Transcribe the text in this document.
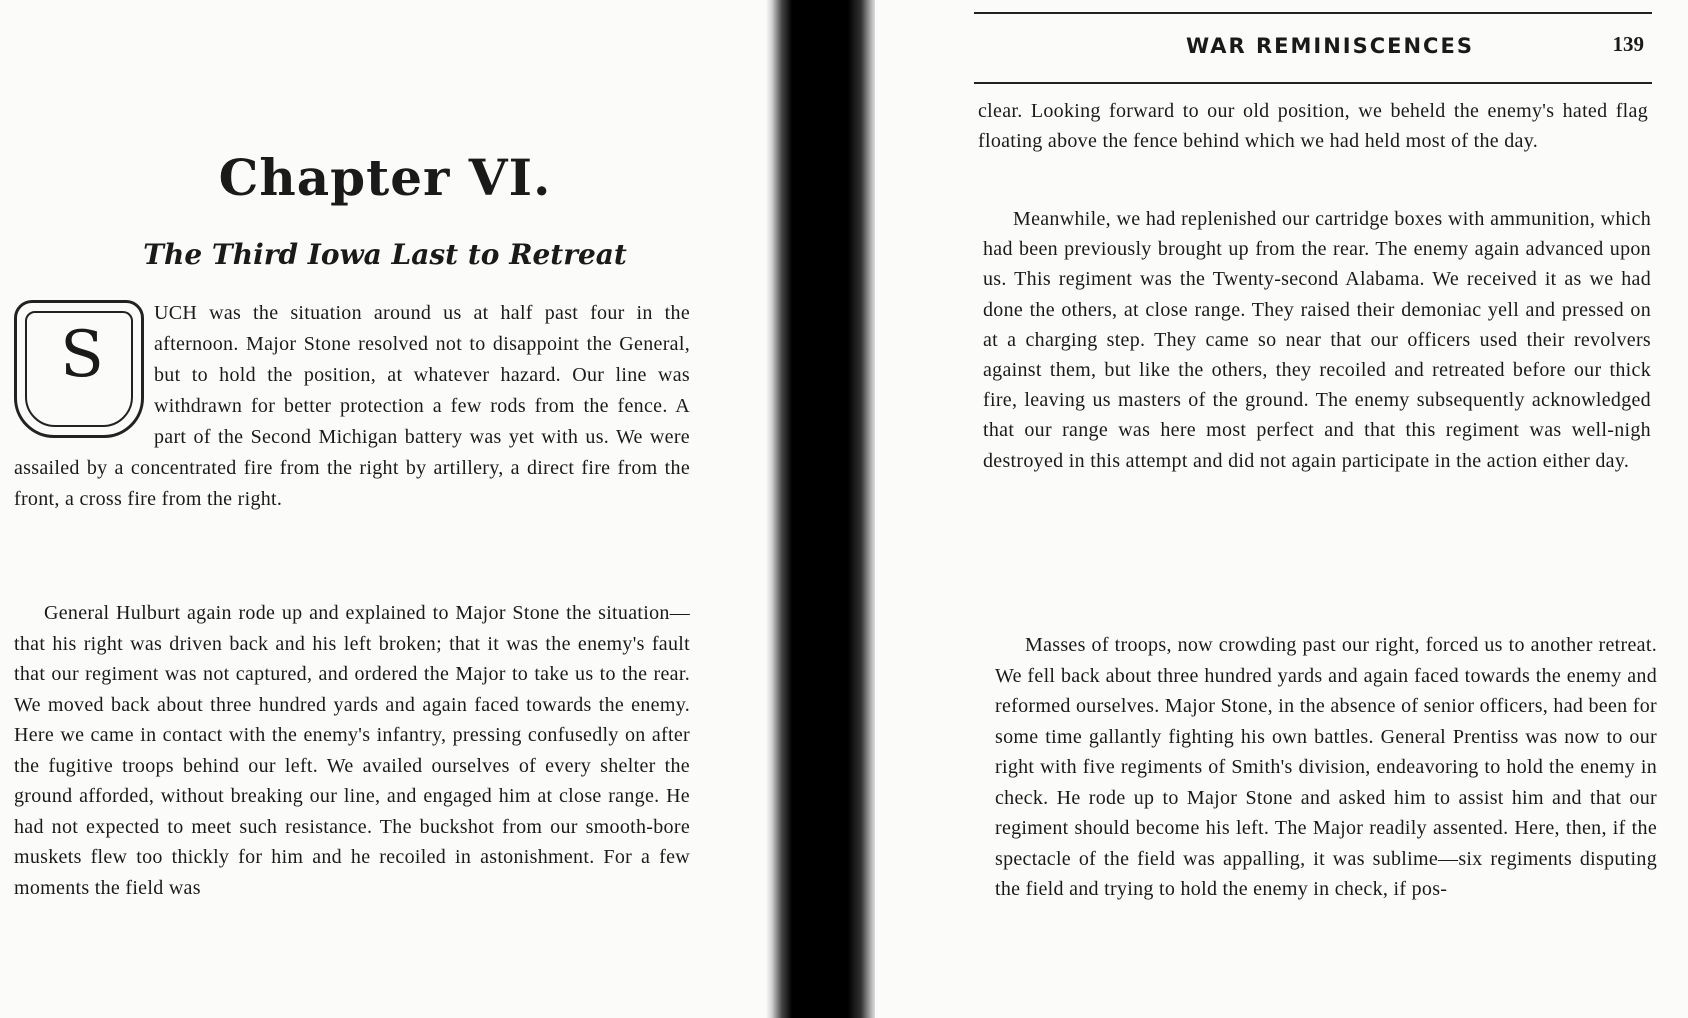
Chapter VI.
The Third Iowa Last to Retreat
S
UCH was the situation around us at half past four in the afternoon. Major Stone resolved not to disappoint the General, but to hold the position, at whatever hazard. Our line was withdrawn for better protection a few rods from the fence. A part of the Second Michigan battery was yet with us. We were assailed by a concentrated fire from the right by artillery, a direct fire from the front, a cross fire from the right.

General Hulburt again rode up and explained to Major Stone the situation—that his right was driven back and his left broken; that it was the enemy's fault that our regiment was not captured, and ordered the Major to take us to the rear. We moved back about three hundred yards and again faced towards the enemy. Here we came in contact with the enemy's infantry, pressing confusedly on after the fugitive troops behind our left. We availed ourselves of every shelter the ground afforded, without breaking our line, and engaged him at close range. He had not expected to meet such resistance. The buckshot from our smooth-bore muskets flew too thickly for him and he recoiled in astonishment. For a few moments the field was

WAR REMINISCENCES	139

clear. Looking forward to our old position, we beheld the enemy's hated flag floating above the fence behind which we had held most of the day.

Meanwhile, we had replenished our cartridge boxes with ammunition, which had been previously brought up from the rear. The enemy again advanced upon us. This regiment was the Twenty-second Alabama. We received it as we had done the others, at close range. They raised their demoniac yell and pressed on at a charging step. They came so near that our officers used their revolvers against them, but like the others, they recoiled and retreated before our thick fire, leaving us masters of the ground. The enemy subsequently acknowledged that our range was here most perfect and that this regiment was well-nigh destroyed in this attempt and did not again participate in the action either day.

Masses of troops, now crowding past our right, forced us to another retreat. We fell back about three hundred yards and again faced towards the enemy and reformed ourselves. Major Stone, in the absence of senior officers, had been for some time gallantly fighting his own battles. General Prentiss was now to our right with five regiments of Smith's division, endeavoring to hold the enemy in check. He rode up to Major Stone and asked him to assist him and that our regiment should become his left. The Major readily assented. Here, then, if the spectacle of the field was appalling, it was sublime—six regiments disputing the field and trying to hold the enemy in check, if pos-
